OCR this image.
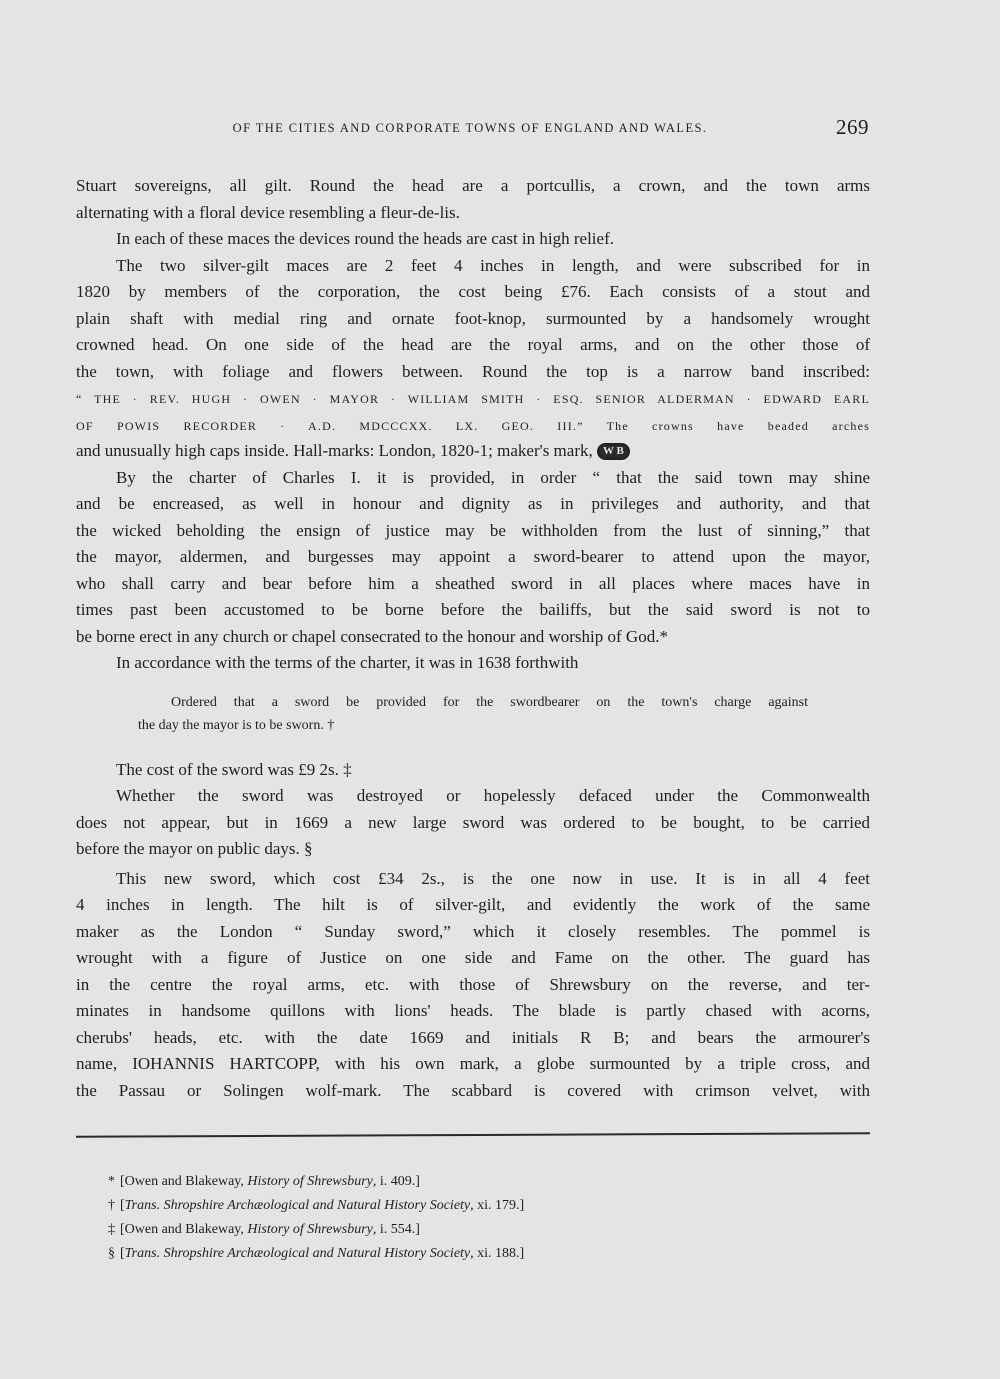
OF THE CITIES AND CORPORATE TOWNS OF ENGLAND AND WALES.	269
Stuart sovereigns, all gilt. Round the head are a portcullis, a crown, and the town arms
alternating with a floral device resembling a fleur-de-lis.
In each of these maces the devices round the heads are cast in high relief.
The two silver-gilt maces are 2 feet 4 inches in length, and were subscribed for in
1820 by members of the corporation, the cost being £76. Each consists of a stout and
plain shaft with medial ring and ornate foot-knop, surmounted by a handsomely wrought
crowned head. On one side of the head are the royal arms, and on the other those of
the town, with foliage and flowers between. Round the top is a narrow band inscribed:
“ THE · REV. HUGH · OWEN · MAYOR · WILLIAM SMITH · ESQ. SENIOR ALDERMAN · EDWARD EARL
OF POWIS RECORDER · A.D. MDCCCXX. LX. GEO. III.” The crowns have beaded arches
and unusually high caps inside. Hall-marks: London, 1820-1; maker's mark, W B
By the charter of Charles I. it is provided, in order “ that the said town may shine
and be encreased, as well in honour and dignity as in privileges and authority, and that
the wicked beholding the ensign of justice may be withholden from the lust of sinning,” that
the mayor, aldermen, and burgesses may appoint a sword-bearer to attend upon the mayor,
who shall carry and bear before him a sheathed sword in all places where maces have in
times past been accustomed to be borne before the bailiffs, but the said sword is not to
be borne erect in any church or chapel consecrated to the honour and worship of God.*
In accordance with the terms of the charter, it was in 1638 forthwith
Ordered that a sword be provided for the swordbearer on the town's charge against
the day the mayor is to be sworn. †
The cost of the sword was £9 2s. ‡
Whether the sword was destroyed or hopelessly defaced under the Commonwealth
does not appear, but in 1669 a new large sword was ordered to be bought, to be carried
before the mayor on public days. §
This new sword, which cost £34 2s., is the one now in use. It is in all 4 feet
4 inches in length. The hilt is of silver-gilt, and evidently the work of the same
maker as the London “ Sunday sword,” which it closely resembles. The pommel is
wrought with a figure of Justice on one side and Fame on the other. The guard has
in the centre the royal arms, etc. with those of Shrewsbury on the reverse, and ter-
minates in handsome quillons with lions' heads. The blade is partly chased with acorns,
cherubs' heads, etc. with the date 1669 and initials R B; and bears the armourer's
name, IOHANNIS HARTCOPP, with his own mark, a globe surmounted by a triple cross, and
the Passau or Solingen wolf-mark. The scabbard is covered with crimson velvet, with
* [Owen and Blakeway, History of Shrewsbury, i. 409.]
† [Trans. Shropshire Archæological and Natural History Society, xi. 179.]
‡ [Owen and Blakeway, History of Shrewsbury, i. 554.]
§ [Trans. Shropshire Archæological and Natural History Society, xi. 188.]
